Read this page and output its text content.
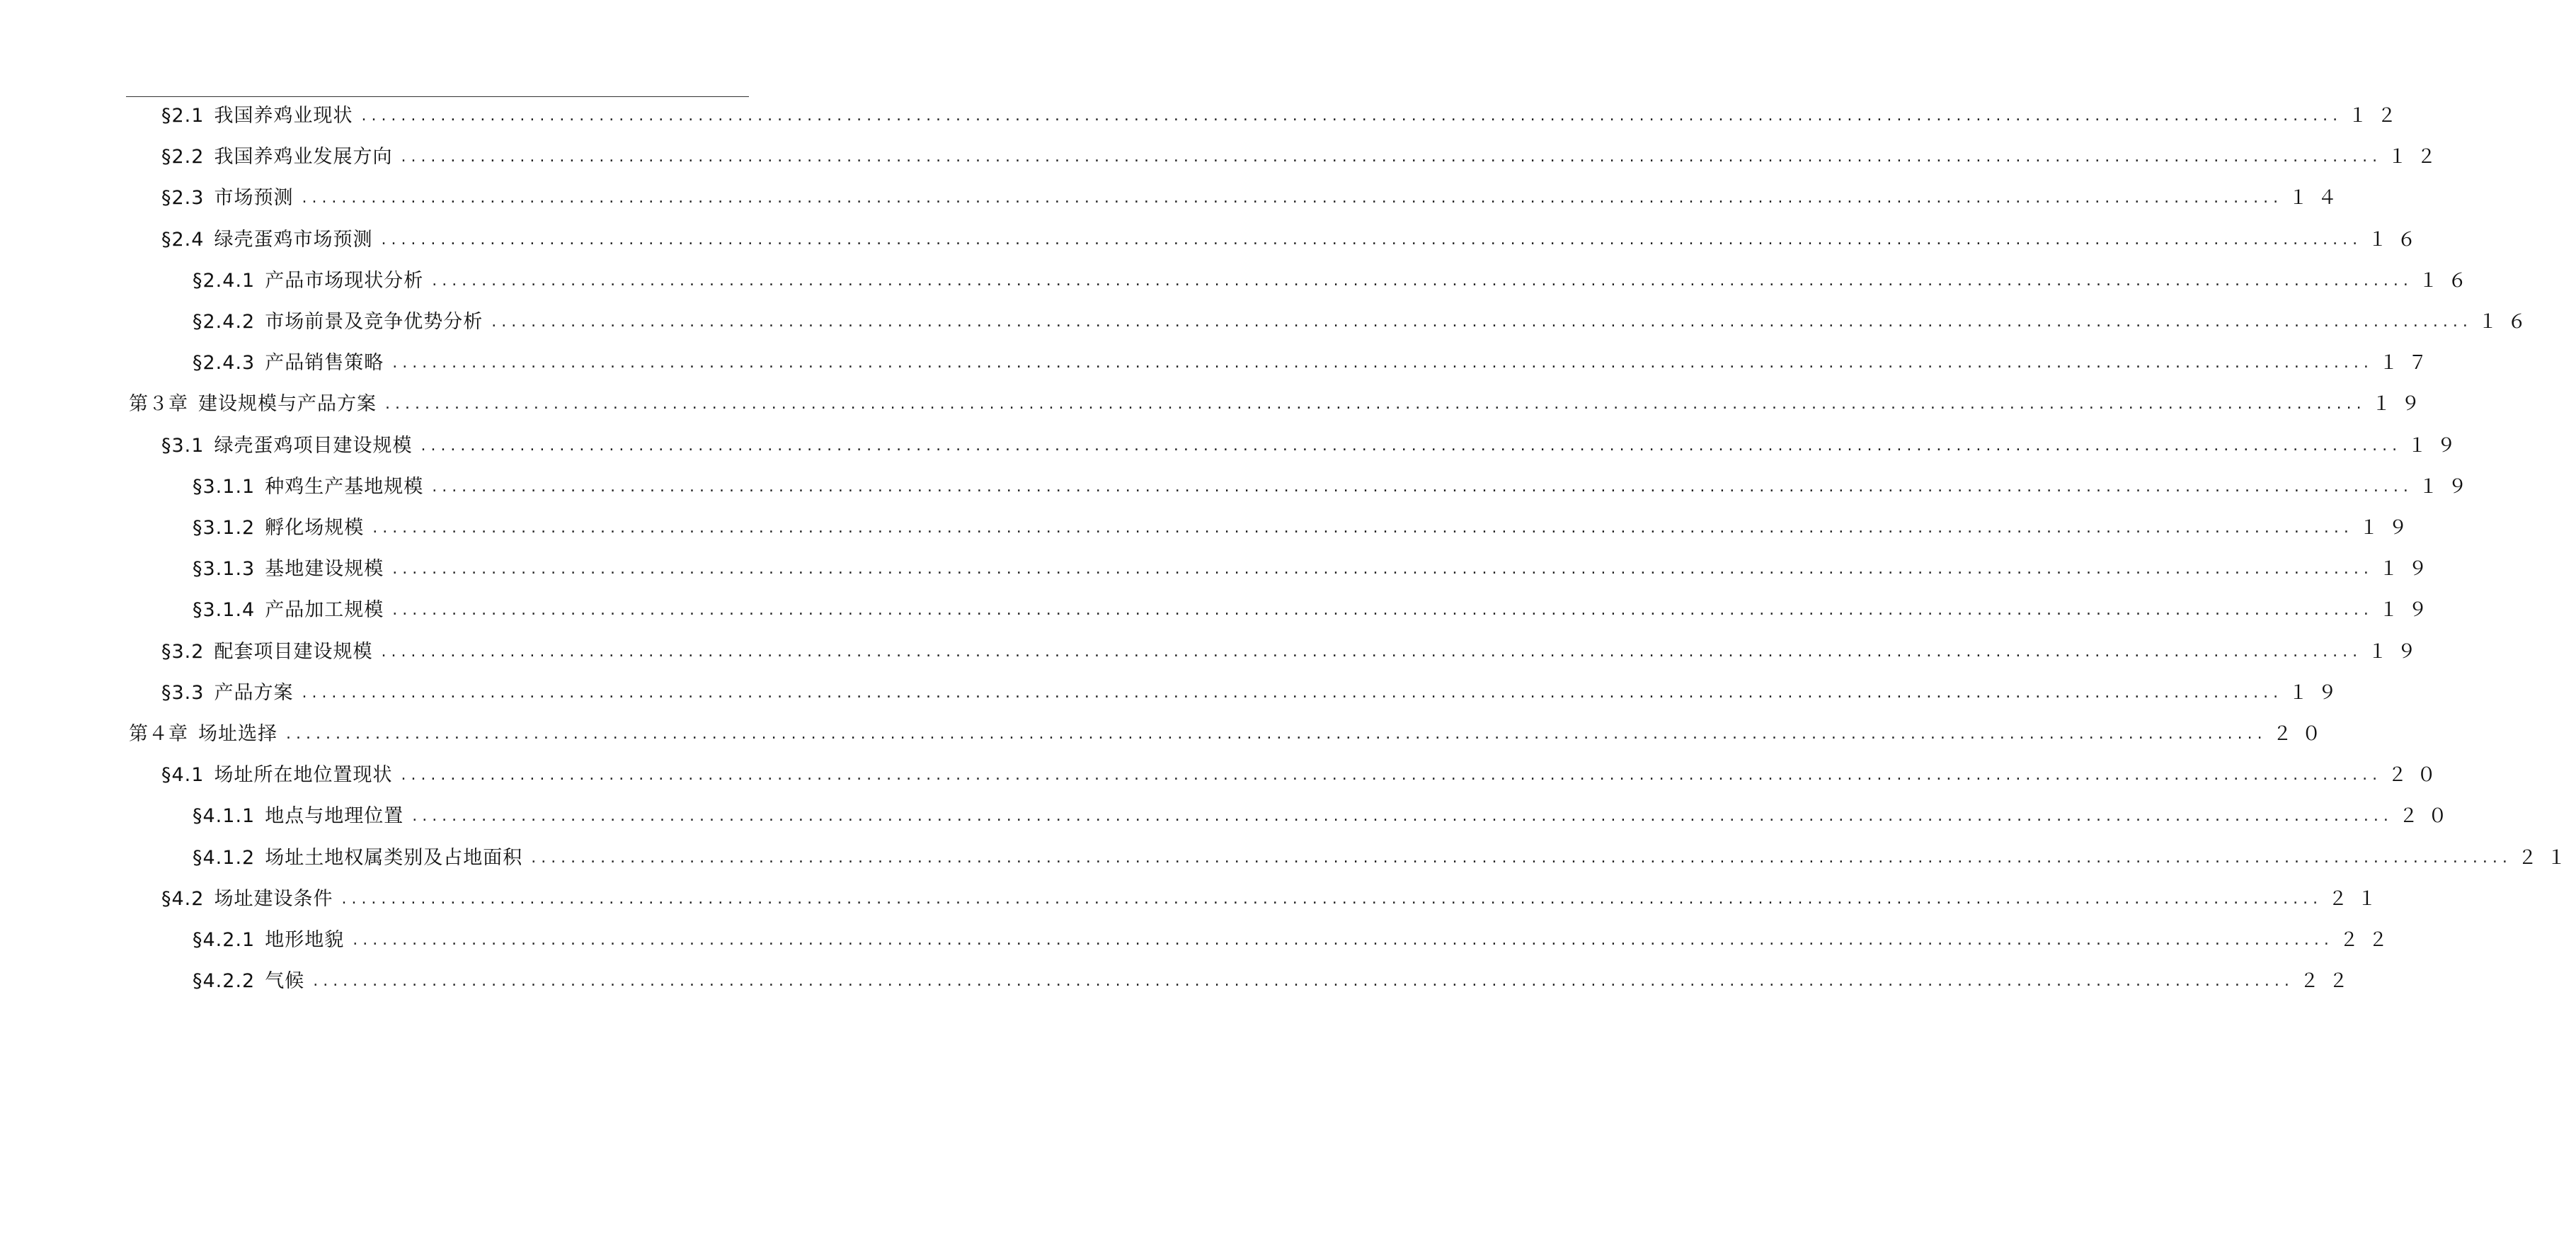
§2.1 我国养鸡业现状 ........................................................................................................................................................................................................ １２
§2.2 我国养鸡业发展方向 ........................................................................................................................................................................................................ １２
§2.3 市场预测 ........................................................................................................................................................................................................ １４
§2.4 绿壳蛋鸡市场预测 ........................................................................................................................................................................................................ １６
§2.4.1 产品市场现状分析 ........................................................................................................................................................................................................ １６
§2.4.2 市场前景及竞争优势分析 ........................................................................................................................................................................................................ １６
§2.4.3 产品销售策略 ........................................................................................................................................................................................................ １７
第３章 建设规模与产品方案 ........................................................................................................................................................................................................ １９
§3.1 绿壳蛋鸡项目建设规模 ........................................................................................................................................................................................................ １９
§3.1.1 种鸡生产基地规模 ........................................................................................................................................................................................................ １９
§3.1.2 孵化场规模 ........................................................................................................................................................................................................ １９
§3.1.3 基地建设规模 ........................................................................................................................................................................................................ １９
§3.1.4 产品加工规模 ........................................................................................................................................................................................................ １９
§3.2 配套项目建设规模 ........................................................................................................................................................................................................ １９
§3.3 产品方案 ........................................................................................................................................................................................................ １９
第４章 场址选择 ........................................................................................................................................................................................................ ２０
§4.1 场址所在地位置现状 ........................................................................................................................................................................................................ ２０
§4.1.1 地点与地理位置 ........................................................................................................................................................................................................ ２０
§4.1.2 场址土地权属类别及占地面积 ........................................................................................................................................................................................................ ２１
§4.2 场址建设条件 ........................................................................................................................................................................................................ ２１
§4.2.1 地形地貌 ........................................................................................................................................................................................................ ２２
§4.2.2 气候 ........................................................................................................................................................................................................ ２２
